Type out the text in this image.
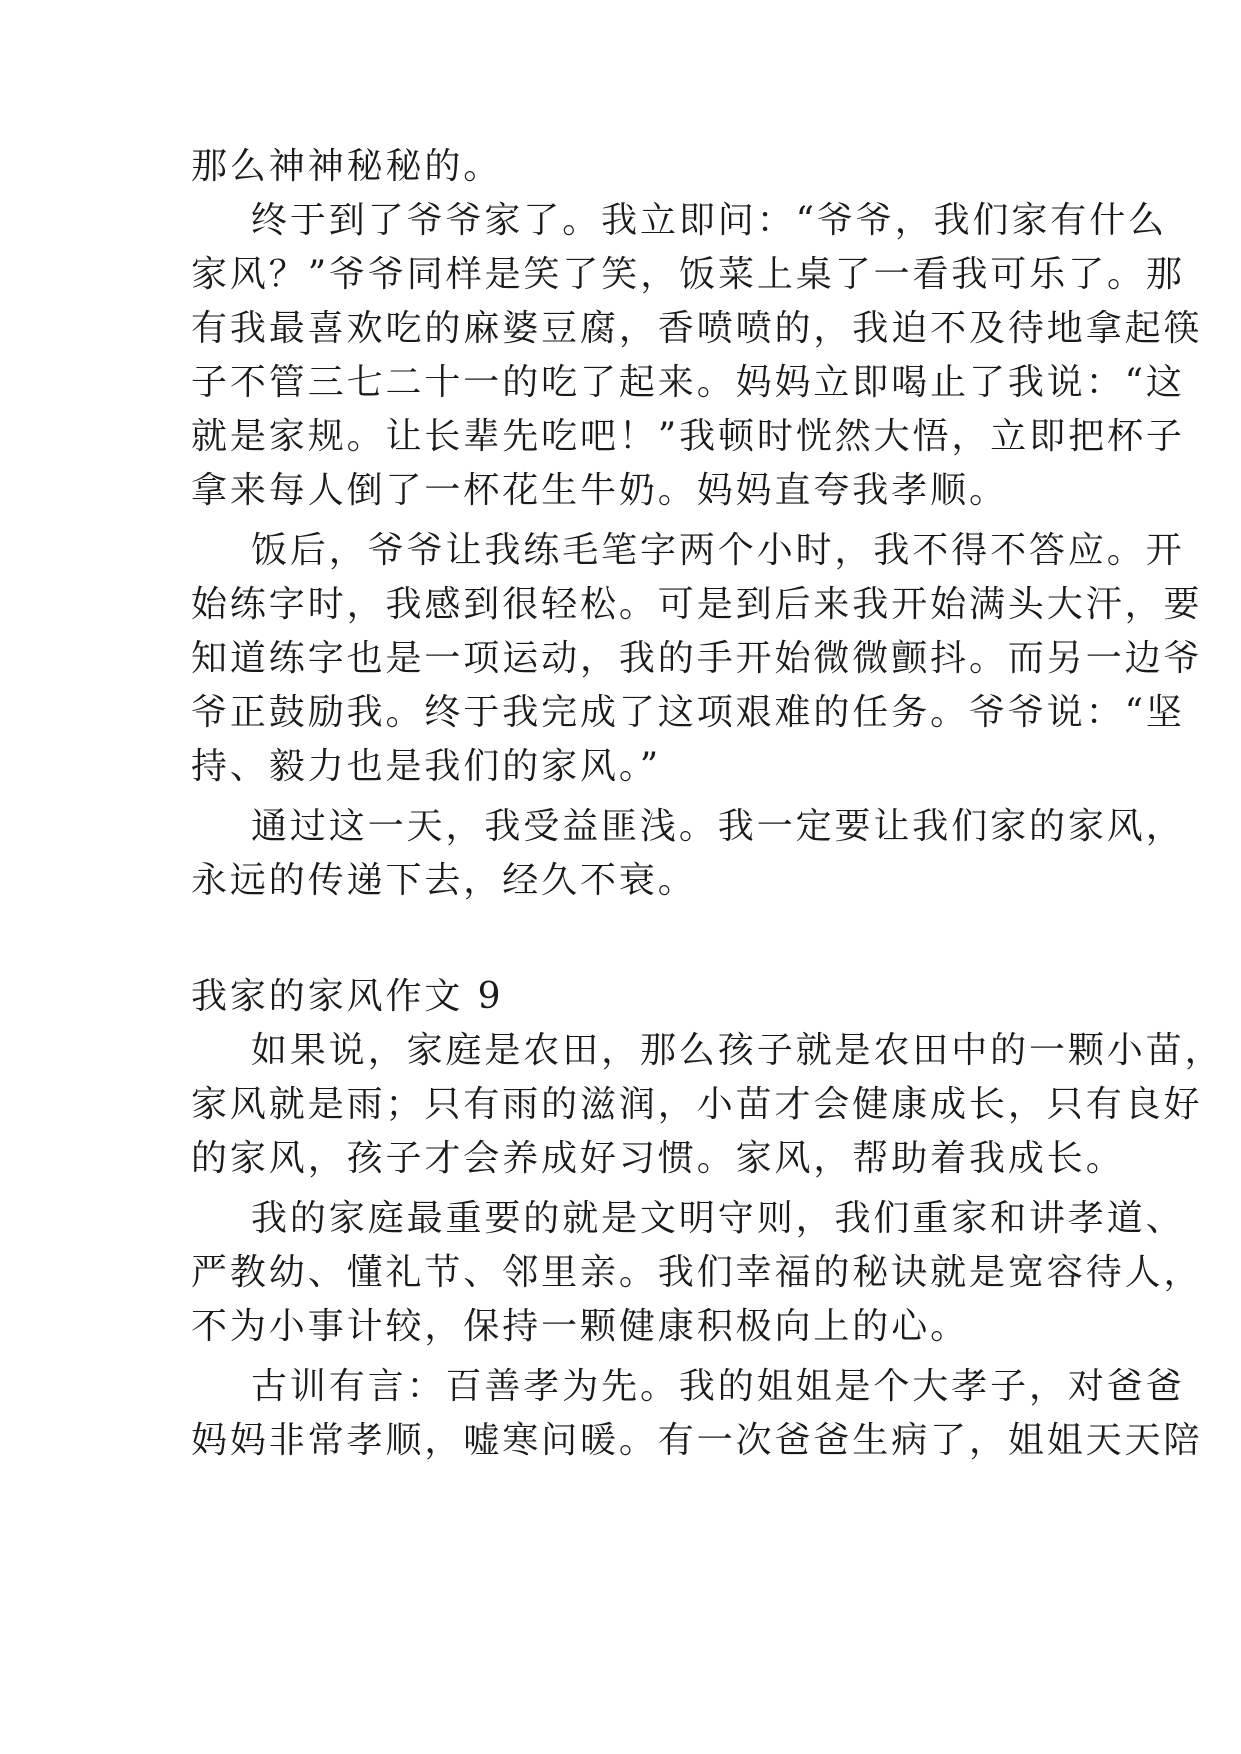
那么神神秘秘的。
终于到了爷爷家了。我立即问：“爷爷，我们家有什么
家风？”爷爷同样是笑了笑，饭菜上桌了一看我可乐了。那
有我最喜欢吃的麻婆豆腐，香喷喷的，我迫不及待地拿起筷
子不管三七二十一的吃了起来。妈妈立即喝止了我说：“这
就是家规。让长辈先吃吧！”我顿时恍然大悟，立即把杯子
拿来每人倒了一杯花生牛奶。妈妈直夸我孝顺。
饭后，爷爷让我练毛笔字两个小时，我不得不答应。开
始练字时，我感到很轻松。可是到后来我开始满头大汗，要
知道练字也是一项运动，我的手开始微微颤抖。而另一边爷
爷正鼓励我。终于我完成了这项艰难的任务。爷爷说：“坚
持、毅力也是我们的家风。”
通过这一天，我受益匪浅。我一定要让我们家的家风，
永远的传递下去，经久不衰。
我家的家风作文 9
如果说，家庭是农田，那么孩子就是农田中的一颗小苗，
家风就是雨；只有雨的滋润，小苗才会健康成长，只有良好
的家风，孩子才会养成好习惯。家风，帮助着我成长。
我的家庭最重要的就是文明守则，我们重家和讲孝道、
严教幼、懂礼节、邻里亲。我们幸福的秘诀就是宽容待人，
不为小事计较，保持一颗健康积极向上的心。
古训有言：百善孝为先。我的姐姐是个大孝子，对爸爸
妈妈非常孝顺，嘘寒问暖。有一次爸爸生病了，姐姐天天陪
